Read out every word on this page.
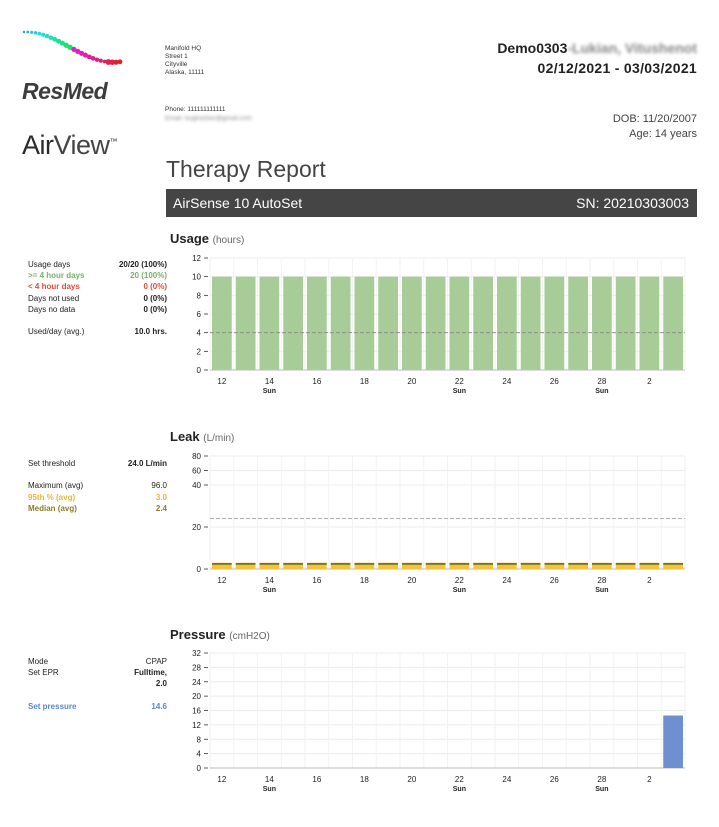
ResMed
AirView™
Manifold HQ
Street 1
Cityville
Alaska, 11111
Phone: 111111111111
Email: bugtracker@gmail.com
Demo0303-Lukian, Vitushenot
02/12/2021 - 03/03/2021
DOB: 11/20/2007
Age: 14 years
Therapy Report
AirSense 10 AutoSet	SN: 20210303003
Usage (hours)
Usage days	20/20 (100%)
>= 4 hour days	20 (100%)
< 4 hour days	0 (0%)
Days not used	0 (0%)
Days no data	0 (0%)
Used/day (avg.)	10.0 hrs.
0
2
4
6
8
10
12
12	14
Sun
16	18	20	22
Sun
24	26	28
Sun
2
Leak (L/min)
Set threshold	24.0 L/min
Maximum (avg)	96.0
95th % (avg)	3.0
Median (avg)	2.4
0
20
40
60
80
12	14
Sun
16	18	20	22
Sun
24	26	28
Sun
2
Pressure (cmH2O)
Mode	CPAP
Set EPR	Fulltime,
2.0
Set pressure	14.6
0
4
8
12
16
20
24
28
32
12	14
Sun
16	18	20	22
Sun
24	26	28
Sun
2
